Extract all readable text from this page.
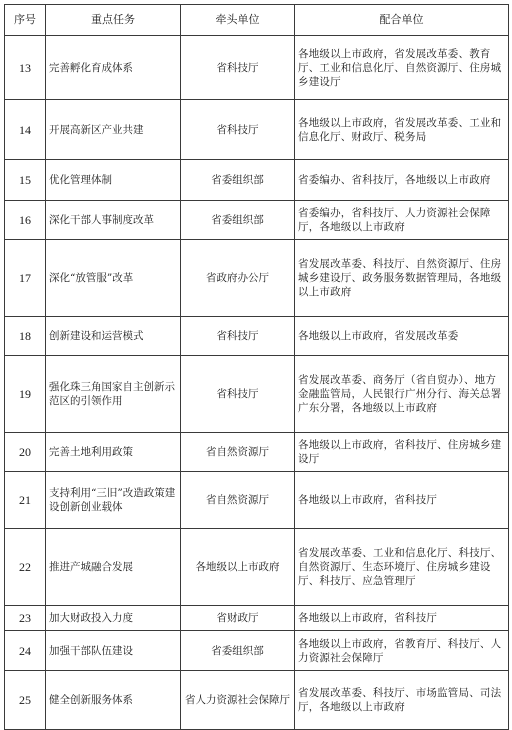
序号	重点任务	牵头单位	配合单位
13	完善孵化育成体系	省科技厅	各地级以上市政府，省发展改革委、教育厅、工业和信息化厅、自然资源厅、住房城乡建设厅
14	开展高新区产业共建	省科技厅	各地级以上市政府，省发展改革委、工业和信息化厅、财政厅、税务局
15	优化管理体制	省委组织部	省委编办、省科技厅，各地级以上市政府
16	深化干部人事制度改革	省委组织部	省委编办，省科技厅、人力资源社会保障厅，各地级以上市政府
17	深化“放管服”改革	省政府办公厅	省发展改革委、科技厅、自然资源厅、住房城乡建设厅、政务服务数据管理局，各地级以上市政府
18	创新建设和运营模式	省科技厅	各地级以上市政府，省发展改革委
19	强化珠三角国家自主创新示范区的引领作用	省科技厅	省发展改革委、商务厅（省自贸办）、地方金融监管局，人民银行广州分行、海关总署广东分署，各地级以上市政府
20	完善土地利用政策	省自然资源厅	各地级以上市政府，省科技厅、住房城乡建设厅
21	支持利用“三旧”改造政策建设创新创业载体	省自然资源厅	各地级以上市政府，省科技厅
22	推进产城融合发展	各地级以上市政府	省发展改革委、工业和信息化厅、科技厅、自然资源厅、生态环境厅、住房城乡建设厅、科技厅、应急管理厅
23	加大财政投入力度	省财政厅	各地级以上市政府，省科技厅
24	加强干部队伍建设	省委组织部	各地级以上市政府，省教育厅、科技厅、人力资源社会保障厅
25	健全创新服务体系	省人力资源社会保障厅	省发展改革委、科技厅、市场监管局、司法厅，各地级以上市政府
